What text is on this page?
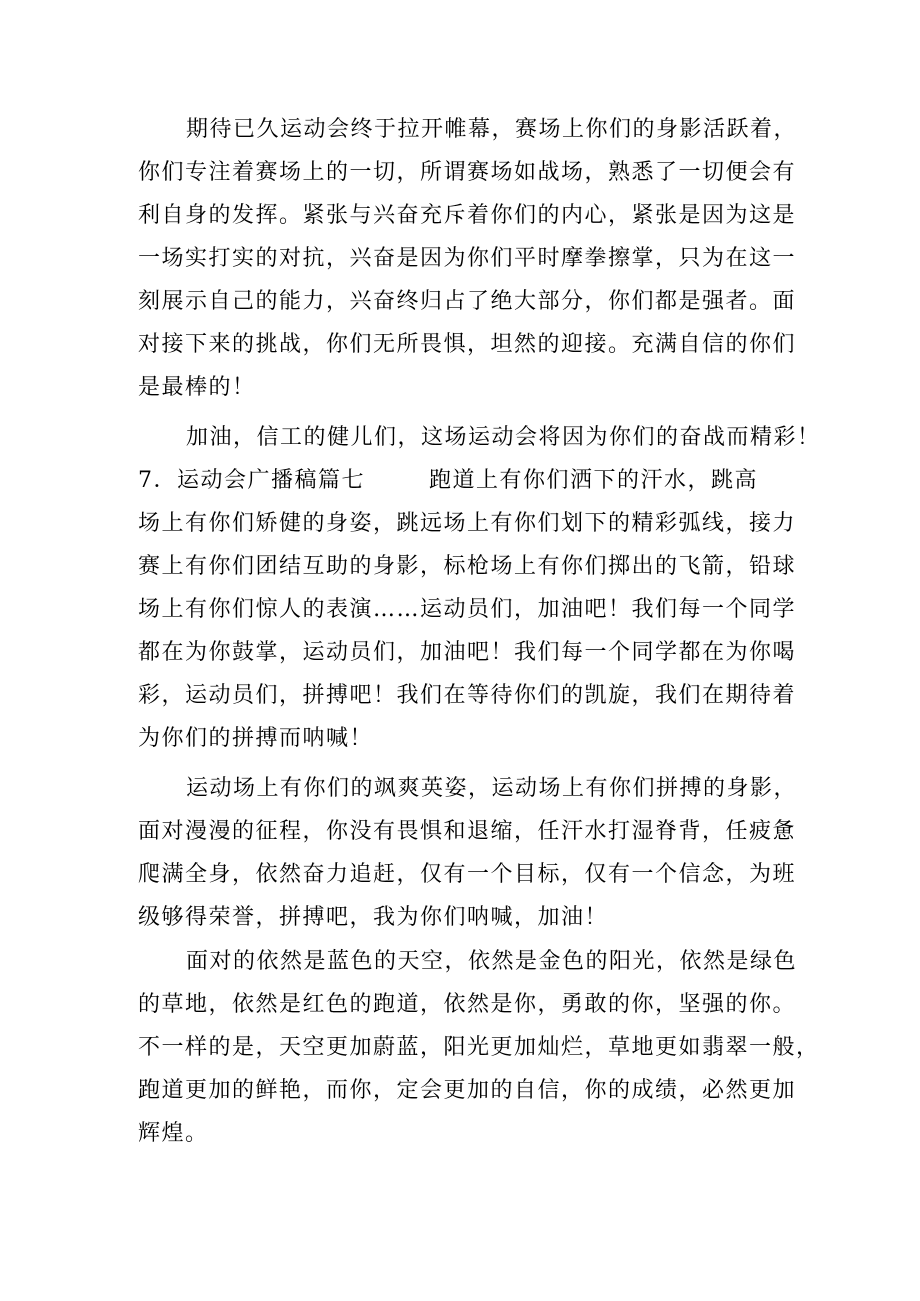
期待已久运动会终于拉开帷幕，赛场上你们的身影活跃着，
你们专注着赛场上的一切，所谓赛场如战场，熟悉了一切便会有
利自身的发挥。紧张与兴奋充斥着你们的内心，紧张是因为这是
一场实打实的对抗，兴奋是因为你们平时摩拳擦掌，只为在这一
刻展示自己的能力，兴奋终归占了绝大部分，你们都是强者。面
对接下来的挑战，你们无所畏惧，坦然的迎接。充满自信的你们
是最棒的！
加油，信工的健儿们，这场运动会将因为你们的奋战而精彩！
7．运动会广播稿篇七	跑道上有你们洒下的汗水，跳高
场上有你们矫健的身姿，跳远场上有你们划下的精彩弧线，接力
赛上有你们团结互助的身影，标枪场上有你们掷出的飞箭，铅球
场上有你们惊人的表演……运动员们，加油吧！我们每一个同学
都在为你鼓掌，运动员们，加油吧！我们每一个同学都在为你喝
彩，运动员们，拼搏吧！我们在等待你们的凯旋，我们在期待着
为你们的拼搏而呐喊！
运动场上有你们的飒爽英姿，运动场上有你们拼搏的身影，
面对漫漫的征程，你没有畏惧和退缩，任汗水打湿脊背，任疲惫
爬满全身，依然奋力追赶，仅有一个目标，仅有一个信念，为班
级够得荣誉，拼搏吧，我为你们呐喊，加油！
面对的依然是蓝色的天空，依然是金色的阳光，依然是绿色
的草地，依然是红色的跑道，依然是你，勇敢的你，坚强的你。
不一样的是，天空更加蔚蓝，阳光更加灿烂，草地更如翡翠一般，
跑道更加的鲜艳，而你，定会更加的自信，你的成绩，必然更加
辉煌。
